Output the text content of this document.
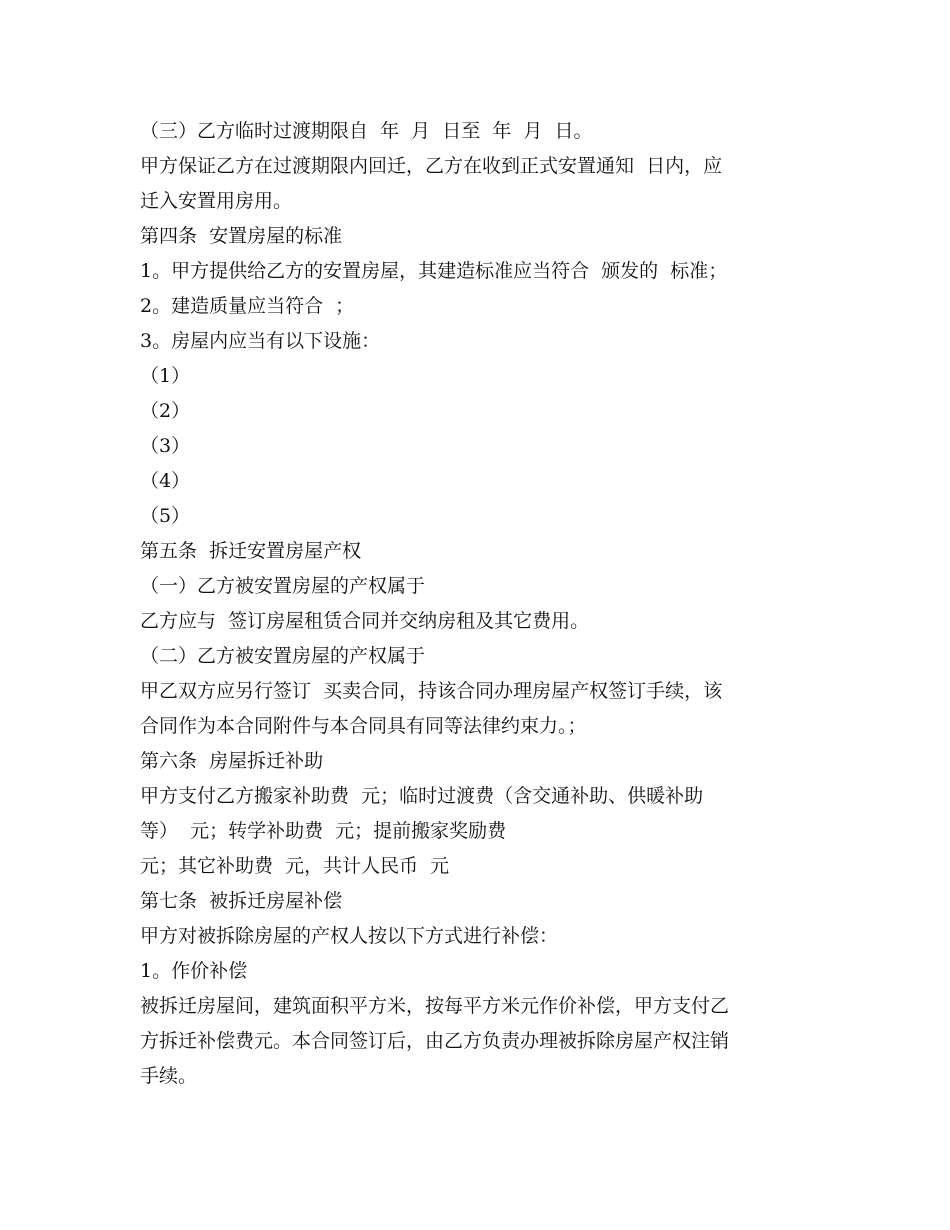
（三）乙方临时过渡期限自  年  月  日至  年  月  日。
甲方保证乙方在过渡期限内回迁，乙方在收到正式安置通知  日内，应
迁入安置用房用。
第四条  安置房屋的标准
1。甲方提供给乙方的安置房屋，其建造标准应当符合  颁发的  标准；
2。建造质量应当符合  ；
3。房屋内应当有以下设施：
（1）
（2）
（3）
（4）
（5）
第五条  拆迁安置房屋产权
（一）乙方被安置房屋的产权属于
乙方应与  签订房屋租赁合同并交纳房租及其它费用。
（二）乙方被安置房屋的产权属于
甲乙双方应另行签订  买卖合同，持该合同办理房屋产权签订手续，该
合同作为本合同附件与本合同具有同等法律约束力。；
第六条  房屋拆迁补助
甲方支付乙方搬家补助费  元；临时过渡费（含交通补助、供暖补助
等）  元；转学补助费  元；提前搬家奖励费
元；其它补助费  元，共计人民币  元
第七条  被拆迁房屋补偿
甲方对被拆除房屋的产权人按以下方式进行补偿：
1。作价补偿
被拆迁房屋间，建筑面积平方米，按每平方米元作价补偿，甲方支付乙
方拆迁补偿费元。本合同签订后，由乙方负责办理被拆除房屋产权注销
手续。
